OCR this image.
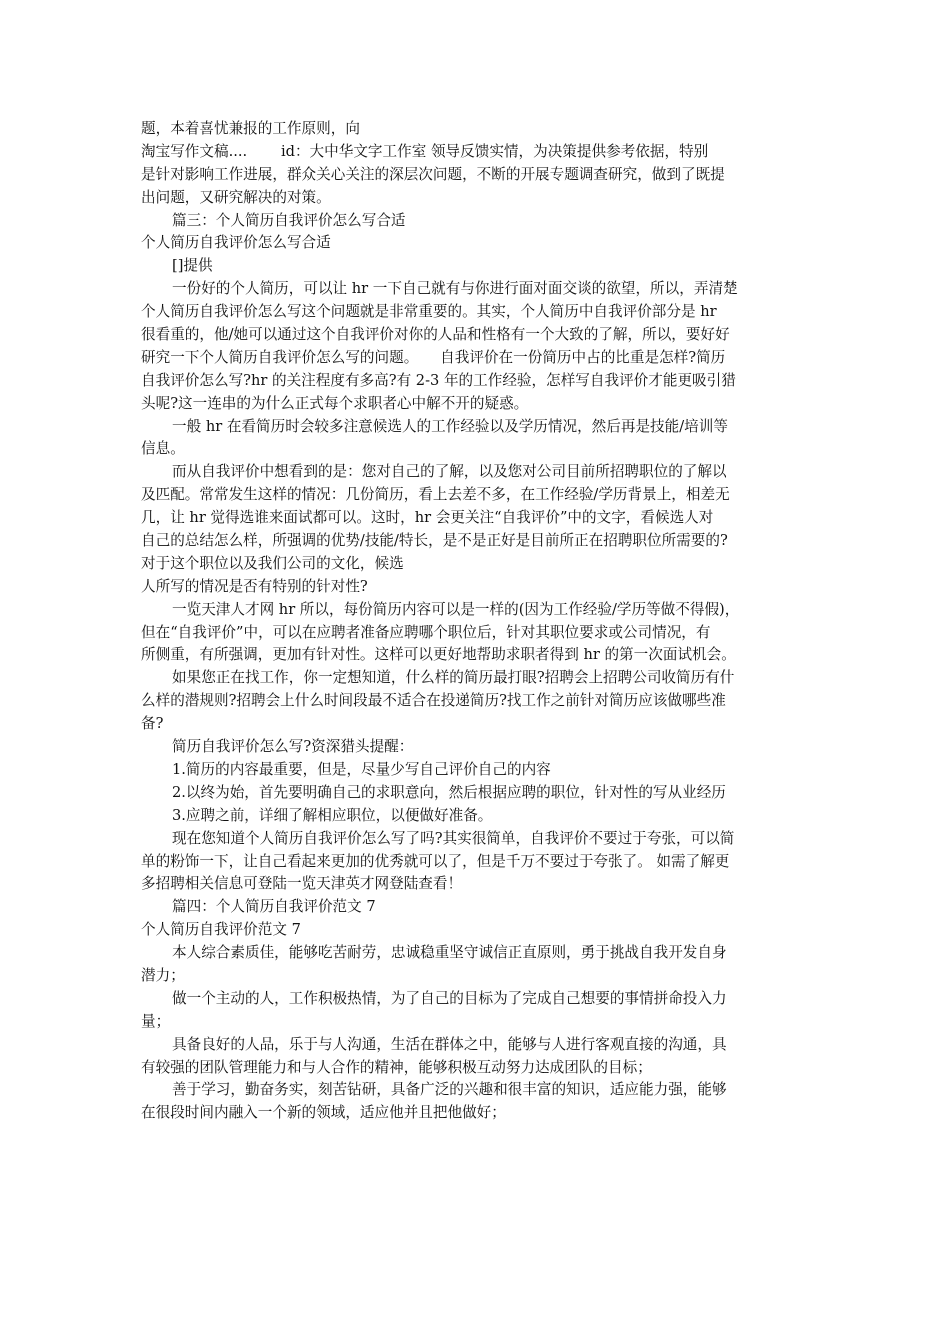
题，本着喜忧兼报的工作原则，向
淘宝写作文稿....　　 id：大中华文字工作室 领导反馈实情，为决策提供参考依据，特别
是针对影响工作进展，群众关心关注的深层次问题，不断的开展专题调查研究，做到了既提
出问题，又研究解决的对策。
篇三：个人简历自我评价怎么写合适
个人简历自我评价怎么写合适
[]提供
一份好的个人简历，可以让 hr 一下自己就有与你进行面对面交谈的欲望，所以，弄清楚
个人简历自我评价怎么写这个问题就是非常重要的。其实，个人简历中自我评价部分是 hr
很看重的，他/她可以通过这个自我评价对你的人品和性格有一个大致的了解，所以，要好好
研究一下个人简历自我评价怎么写的问题。　　自我评价在一份简历中占的比重是怎样?简历
自我评价怎么写?hr 的关注程度有多高?有 2-3 年的工作经验，怎样写自我评价才能更吸引猎
头呢?这一连串的为什么正式每个求职者心中解不开的疑惑。
一般 hr 在看简历时会较多注意候选人的工作经验以及学历情况，然后再是技能/培训等
信息。
而从自我评价中想看到的是：您对自己的了解，以及您对公司目前所招聘职位的了解以
及匹配。常常发生这样的情况：几份简历，看上去差不多，在工作经验/学历背景上，相差无
几，让 hr 觉得选谁来面试都可以。这时，hr 会更关注“自我评价”中的文字，看候选人对
自己的总结怎么样，所强调的优势/技能/特长，是不是正好是目前所正在招聘职位所需要的?
对于这个职位以及我们公司的文化，候选
人所写的情况是否有特别的针对性?
一览天津人才网 hr 所以，每份简历内容可以是一样的(因为工作经验/学历等做不得假)，
但在“自我评价”中，可以在应聘者准备应聘哪个职位后，针对其职位要求或公司情况，有
所侧重，有所强调，更加有针对性。这样可以更好地帮助求职者得到 hr 的第一次面试机会。
如果您正在找工作，你一定想知道，什么样的简历最打眼?招聘会上招聘公司收简历有什
么样的潜规则?招聘会上什么时间段最不适合在投递简历?找工作之前针对简历应该做哪些准
备?
简历自我评价怎么写?资深猎头提醒：
1.简历的内容最重要，但是，尽量少写自己评价自己的内容
2.以终为始，首先要明确自己的求职意向，然后根据应聘的职位，针对性的写从业经历
3.应聘之前，详细了解相应职位，以便做好准备。
现在您知道个人简历自我评价怎么写了吗?其实很简单，自我评价不要过于夸张，可以简
单的粉饰一下，让自己看起来更加的优秀就可以了，但是千万不要过于夸张了。 如需了解更
多招聘相关信息可登陆一览天津英才网登陆查看！
篇四：个人简历自我评价范文 7
个人简历自我评价范文 7
本人综合素质佳，能够吃苦耐劳，忠诚稳重坚守诚信正直原则，勇于挑战自我开发自身
潜力；
做一个主动的人，工作积极热情，为了自己的目标为了完成自己想要的事情拼命投入力
量；
具备良好的人品，乐于与人沟通，生活在群体之中，能够与人进行客观直接的沟通，具
有较强的团队管理能力和与人合作的精神，能够积极互动努力达成团队的目标；
善于学习，勤奋务实，刻苦钻研，具备广泛的兴趣和很丰富的知识，适应能力强，能够
在很段时间内融入一个新的领域，适应他并且把他做好；
